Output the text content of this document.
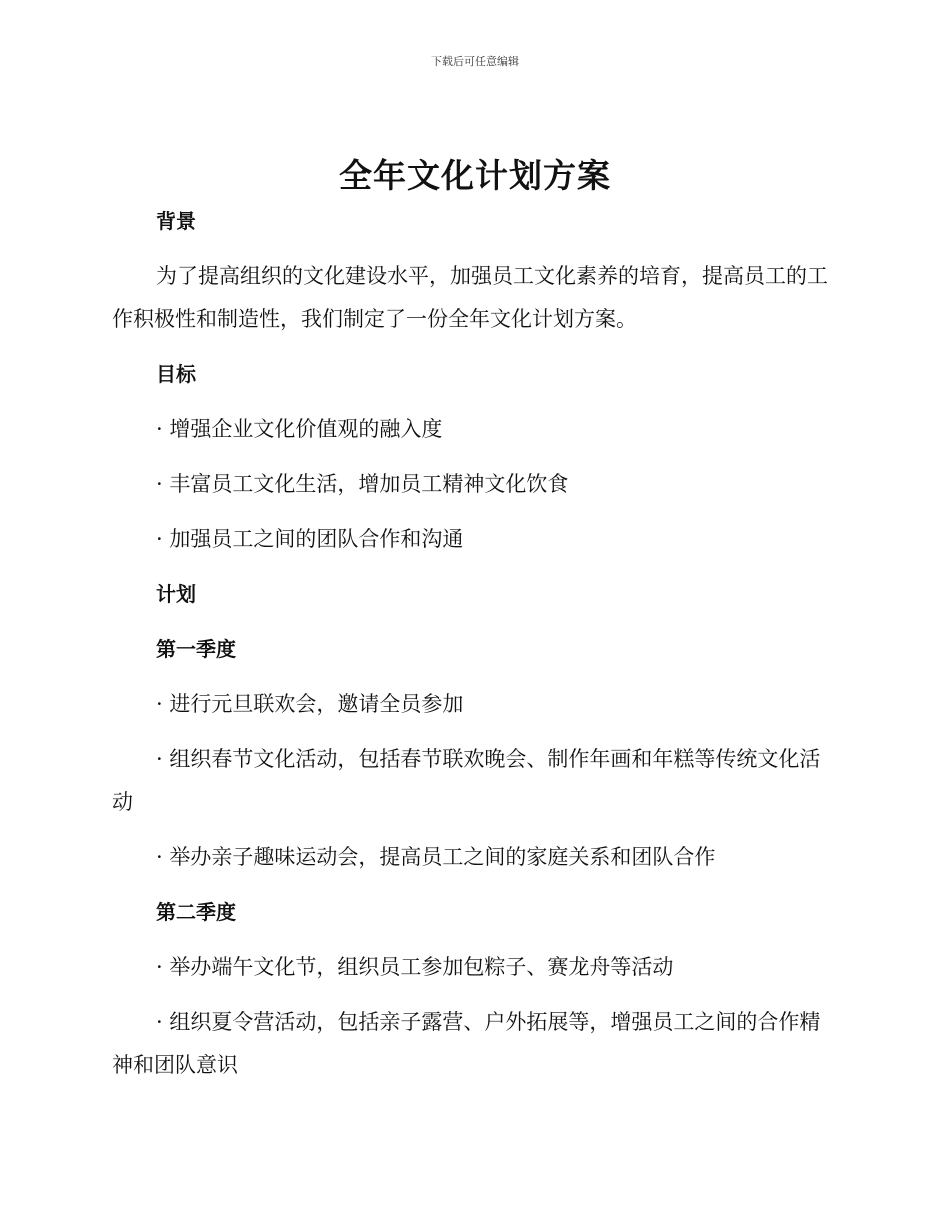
下载后可任意编辑
全年文化计划方案

背景

为了提高组织的文化建设水平，加强员工文化素养的培育，提高员工的工作积极性和制造性，我们制定了一份全年文化计划方案。

目标

· 增强企业文化价值观的融入度

· 丰富员工文化生活，增加员工精神文化饮食

· 加强员工之间的团队合作和沟通

计划

第一季度

· 进行元旦联欢会，邀请全员参加

· 组织春节文化活动，包括春节联欢晚会、制作年画和年糕等传统文化活动

· 举办亲子趣味运动会，提高员工之间的家庭关系和团队合作

第二季度

· 举办端午文化节，组织员工参加包粽子、赛龙舟等活动

· 组织夏令营活动，包括亲子露营、户外拓展等，增强员工之间的合作精神和团队意识
